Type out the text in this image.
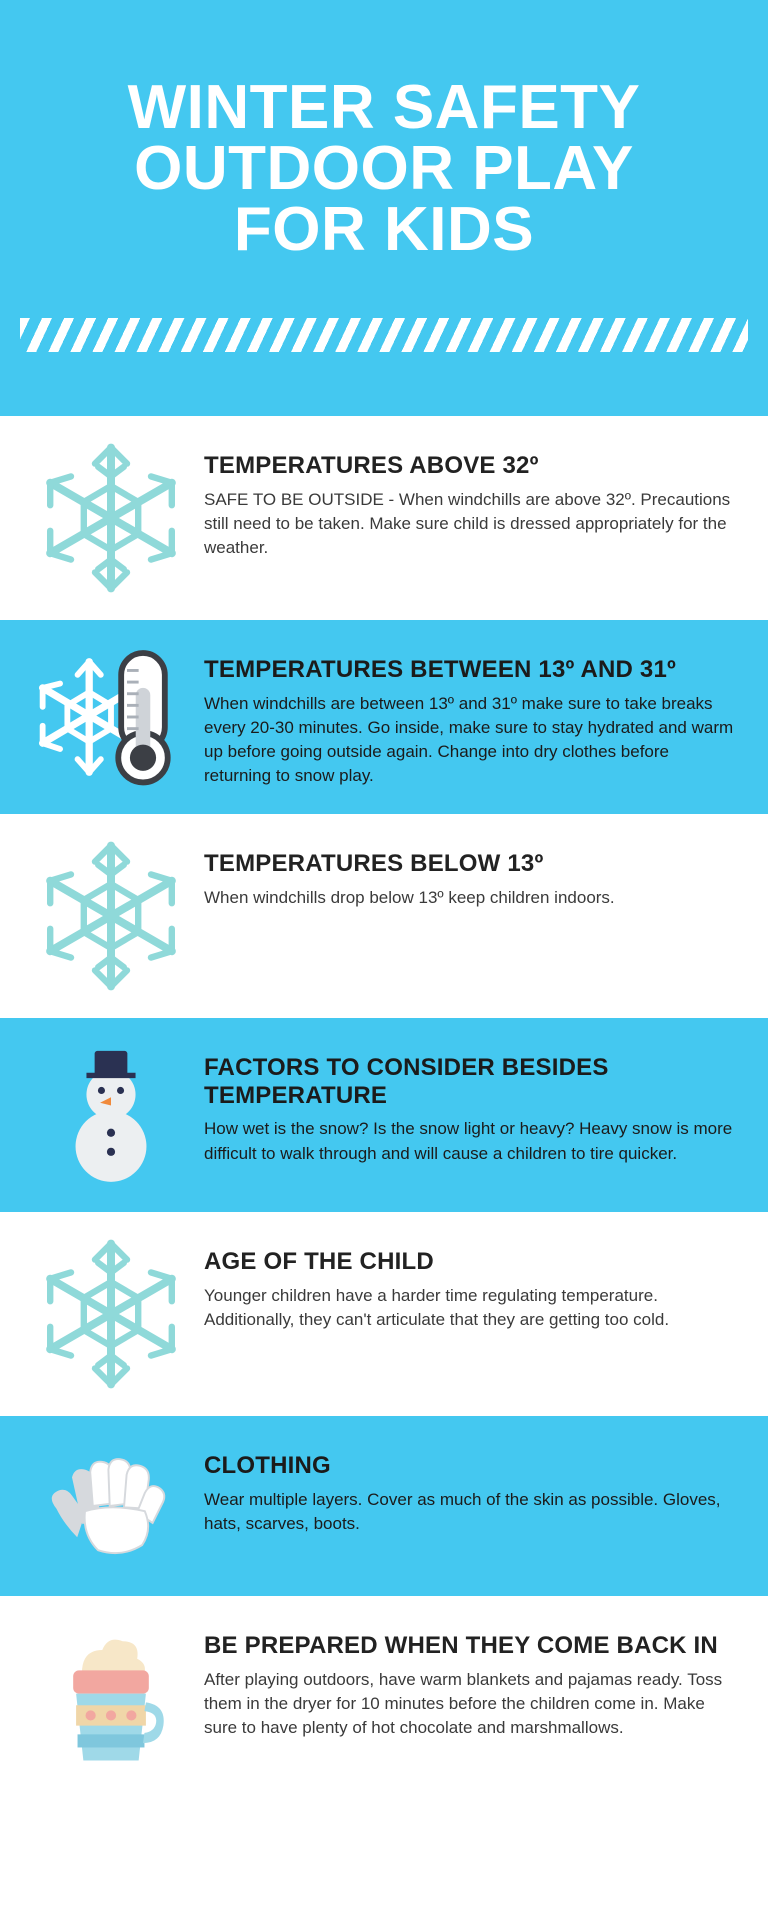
WINTER SAFETY
OUTDOOR PLAY
FOR KIDS

TEMPERATURES ABOVE 32º

SAFE TO BE OUTSIDE - When windchills are above 32º. Precautions still need to be taken. Make sure child is dressed appropriately for the weather.

TEMPERATURES BETWEEN 13º AND 31º

When windchills are between 13º and 31º make sure to take breaks every 20-30 minutes. Go inside, make sure to stay hydrated and warm up before going outside again. Change into dry clothes before returning to snow play.

TEMPERATURES BELOW 13º

When windchills drop below 13º keep children indoors.

FACTORS TO CONSIDER BESIDES TEMPERATURE

How wet is the snow? Is the snow light or heavy? Heavy snow is more difficult to walk through and will cause a children to tire quicker.

AGE OF THE CHILD

Younger children have a harder time regulating temperature. Additionally, they can't articulate that they are getting too cold.

CLOTHING

Wear multiple layers. Cover as much of the skin as possible. Gloves, hats, scarves, boots.

BE PREPARED WHEN THEY COME BACK IN

After playing outdoors, have warm blankets and pajamas ready. Toss them in the dryer for 10 minutes before the children come in. Make sure to have plenty of hot chocolate and marshmallows.
